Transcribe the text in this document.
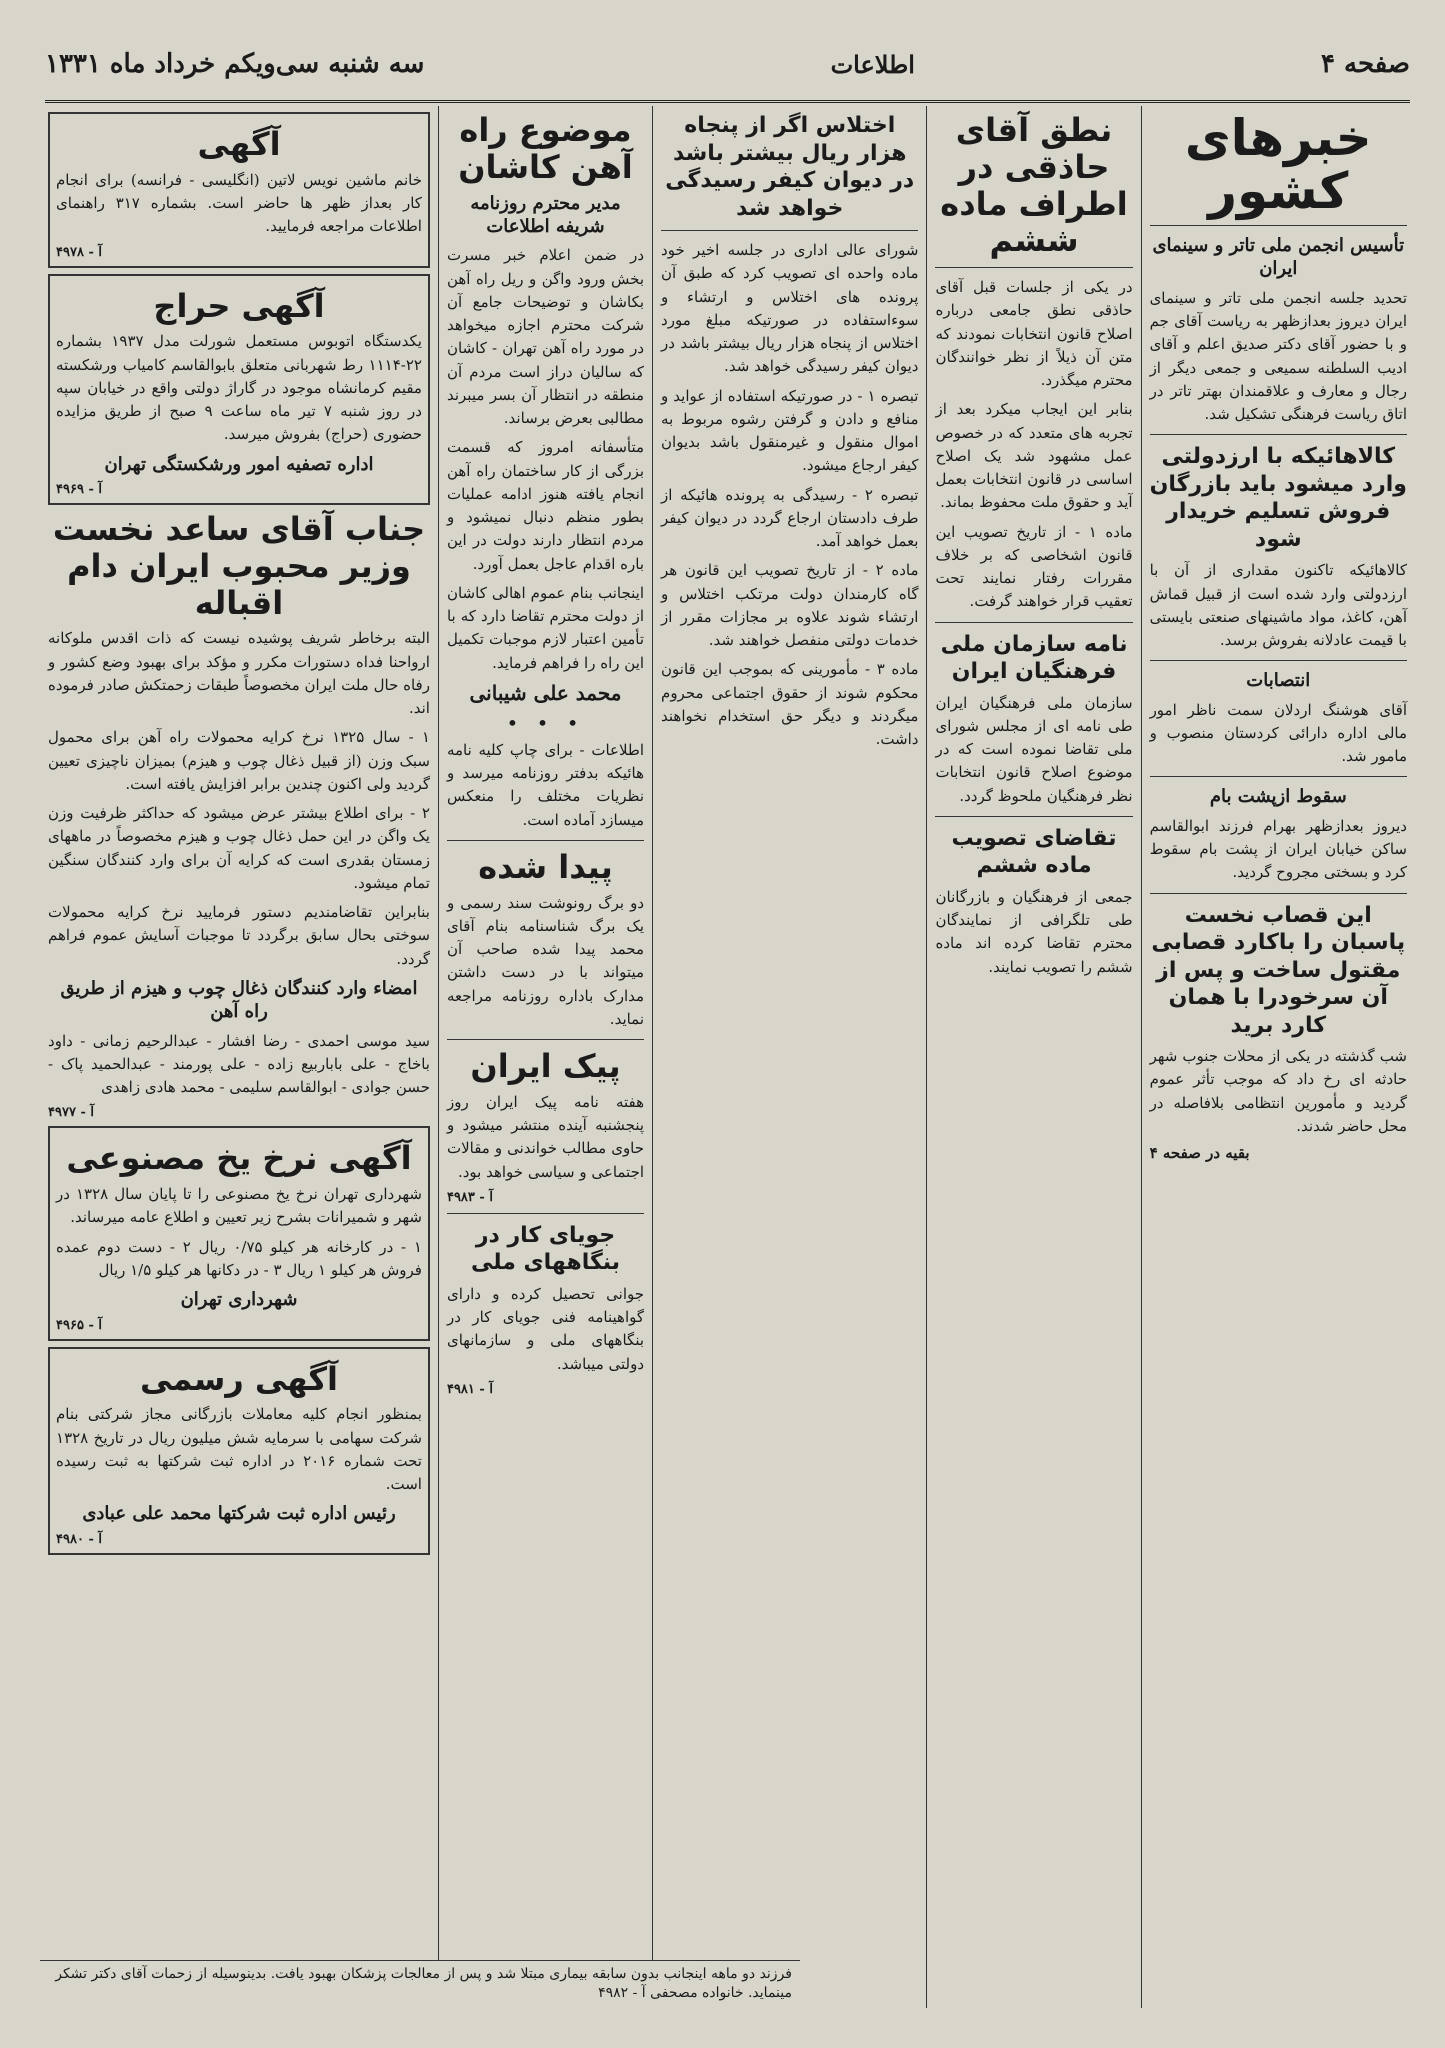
صفحه ۴
اطلاعات
سه شنبه سی‌ویکم خرداد ماه ۱۳۳۱
خبرهای کشور
تأسیس انجمن ملی تاتر و سینمای ایران

تحدید جلسه انجمن ملی تاتر و سینمای ایران دیروز بعدازظهر به ریاست آقای جم و با حضور آقای دکتر صدیق اعلم و آقای ادیب السلطنه سمیعی و جمعی دیگر از رجال و معارف و علاقمندان بهتر تاتر در اتاق ریاست فرهنگی تشکیل شد.

کالاهائیکه با ارزدولتی وارد میشود باید بازرگان فروش تسلیم خریدار شود

کالاهائیکه تاکنون مقداری از آن با ارزدولتی وارد شده است از قبیل قماش آهن، کاغذ، مواد ماشینهای صنعتی بایستی با قیمت عادلانه بفروش برسد.

انتصابات

آقای هوشنگ اردلان سمت ناظر امور مالی اداره دارائی کردستان منصوب و مامور شد.

سقوط ازپشت بام

دیروز بعدازظهر بهرام فرزند ابوالقاسم ساکن خیابان ایران از پشت بام سقوط کرد و بسختی مجروح گردید.

این قصاب نخست پاسبان را باکارد قصابی مقتول ساخت و پس از آن سرخودرا با همان کارد برید

شب گذشته در یکی از محلات جنوب شهر حادثه ای رخ داد که موجب تأثر عموم گردید و مأمورین انتظامی بلافاصله در محل حاضر شدند.

بقیه در صفحه ۴
نطق آقای حاذقی در اطراف ماده ششم

در یکی از جلسات قبل آقای حاذقی نطق جامعی درباره اصلاح قانون انتخابات نمودند که متن آن ذیلاً از نظر خوانندگان محترم میگذرد.

بنابر این ایجاب میکرد بعد از تجربه های متعدد که در خصوص عمل مشهود شد یک اصلاح اساسی در قانون انتخابات بعمل آید و حقوق ملت محفوظ بماند.

ماده ۱ - از تاریخ تصویب این قانون اشخاصی که بر خلاف مقررات رفتار نمایند تحت تعقیب قرار خواهند گرفت.

نامه سازمان ملی فرهنگیان ایران

سازمان ملی فرهنگیان ایران طی نامه ای از مجلس شورای ملی تقاضا نموده است که در موضوع اصلاح قانون انتخابات نظر فرهنگیان ملحوظ گردد.

تقاضای تصویب ماده ششم

جمعی از فرهنگیان و بازرگانان طی تلگرافی از نمایندگان محترم تقاضا کرده اند ماده ششم را تصویب نمایند.

اختلاس اگر از پنجاه هزار ریال بیشتر باشد در دیوان کیفر رسیدگی خواهد شد

شورای عالی اداری در جلسه اخیر خود ماده واحده ای تصویب کرد که طبق آن پرونده های اختلاس و ارتشاء و سوءاستفاده در صورتیکه مبلغ مورد اختلاس از پنجاه هزار ریال بیشتر باشد در دیوان کیفر رسیدگی خواهد شد.

تبصره ۱ - در صورتیکه استفاده از عواید و منافع و دادن و گرفتن رشوه مربوط به اموال منقول و غیرمنقول باشد بدیوان کیفر ارجاع میشود.

تبصره ۲ - رسیدگی به پرونده هائیکه از طرف دادستان ارجاع گردد در دیوان کیفر بعمل خواهد آمد.

ماده ۲ - از تاریخ تصویب این قانون هر گاه کارمندان دولت مرتکب اختلاس و ارتشاء شوند علاوه بر مجازات مقرر از خدمات دولتی منفصل خواهند شد.

ماده ۳ - مأمورینی که بموجب این قانون محکوم شوند از حقوق اجتماعی محروم میگردند و دیگر حق استخدام نخواهند داشت.

موضوع راه آهن کاشان
مدیر محترم روزنامه شریفه اطلاعات

در ضمن اعلام خبر مسرت بخش ورود واگن و ریل راه آهن بکاشان و توضیحات جامع آن شرکت محترم اجازه میخواهد در مورد راه آهن تهران - کاشان که سالیان دراز است مردم آن منطقه در انتظار آن بسر میبرند مطالبی بعرض برساند.

متأسفانه امروز که قسمت بزرگی از کار ساختمان راه آهن انجام یافته هنوز ادامه عملیات بطور منظم دنبال نمیشود و مردم انتظار دارند دولت در این باره اقدام عاجل بعمل آورد.

اینجانب بنام عموم اهالی کاشان از دولت محترم تقاضا دارد که با تأمین اعتبار لازم موجبات تکمیل این راه را فراهم فرماید.

محمد علی شیبانی
• • •

اطلاعات - برای چاپ کلیه نامه هائیکه بدفتر روزنامه میرسد و نظریات مختلف را منعکس میسازد آماده است.

پیدا شده

دو برگ رونوشت سند رسمی و یک برگ شناسنامه بنام آقای محمد پیدا شده صاحب آن میتواند با در دست داشتن مدارک باداره روزنامه مراجعه نماید.

پیک ایران

هفته نامه پیک ایران روز پنجشنبه آینده منتشر میشود و حاوی مطالب خواندنی و مقالات اجتماعی و سیاسی خواهد بود.

آ - ۴۹۸۳
جویای کار در بنگاههای ملی

جوانی تحصیل کرده و دارای گواهینامه فنی جویای کار در بنگاههای ملی و سازمانهای دولتی میباشد.

آ - ۴۹۸۱
آگهی

خانم ماشین نویس لاتین (انگلیسی - فرانسه) برای انجام کار بعداز ظهر ها حاضر است. بشماره ۳۱۷ راهنمای اطلاعات مراجعه فرمایید.

آ - ۴۹۷۸
آگهی حراج

یکدستگاه اتوبوس مستعمل شورلت مدل ۱۹۳۷ بشماره ۲۲-۱۱۱۴ رط شهربانی متعلق بابوالقاسم کامیاب ورشکسته مقیم کرمانشاه موجود در گاراژ دولتی واقع در خیابان سپه در روز شنبه ۷ تیر ماه ساعت ۹ صبح از طریق مزایده حضوری (حراج) بفروش میرسد.

اداره تصفیه امور ورشکستگی تهران
آ - ۴۹۶۹
جناب آقای ساعد نخست وزیر محبوب ایران دام اقباله

البته برخاطر شریف پوشیده نیست که ذات اقدس ملوکانه ارواحنا فداه دستورات مکرر و مؤکد برای بهبود وضع کشور و رفاه حال ملت ایران مخصوصاً طبقات زحمتکش صادر فرموده اند.

۱ - سال ۱۳۲۵ نرخ کرایه محمولات راه آهن برای محمول سبک وزن (از قبیل ذغال چوب و هیزم) بمیزان ناچیزی تعیین گردید ولی اکنون چندین برابر افزایش یافته است.

۲ - برای اطلاع بیشتر عرض میشود که حداکثر ظرفیت وزن یک واگن در این حمل ذغال چوب و هیزم مخصوصاً در ماههای زمستان بقدری است که کرایه آن برای وارد کنندگان سنگین تمام میشود.

بنابراین تقاضامندیم دستور فرمایید نرخ کرایه محمولات سوختی بحال سابق برگردد تا موجبات آسایش عموم فراهم گردد.

امضاء وارد کنندگان ذغال چوب و هیزم از طریق راه آهن

سید موسی احمدی - رضا افشار - عبدالرحیم زمانی - داود باخاج - علی باباربیع زاده - علی پورمند - عبدالحمید پاک - حسن جوادی - ابوالقاسم سلیمی - محمد هادی زاهدی

آ - ۴۹۷۷
آگهی نرخ یخ مصنوعی

شهرداری تهران نرخ یخ مصنوعی را تا پایان سال ۱۳۲۸ در شهر و شمیرانات بشرح زیر تعیین و اطلاع عامه میرساند.

۱ - در کارخانه هر کیلو ۰/۷۵ ریال ۲ - دست دوم عمده فروش هر کیلو ۱ ریال ۳ - در دکانها هر کیلو ۱/۵ ریال

شهرداری تهران
آ - ۴۹۶۵
آگهی رسمی

بمنظور انجام کلیه معاملات بازرگانی مجاز شرکتی بنام شرکت سهامی با سرمایه شش میلیون ریال در تاریخ ۱۳۲۸ تحت شماره ۲۰۱۶ در اداره ثبت شرکتها به ثبت رسیده است.

رئیس اداره ثبت شرکتها محمد علی عبادی
آ - ۴۹۸۰
فرزند دو ماهه اینجانب بدون سابقه بیماری مبتلا شد و پس از معالجات پزشکان بهبود یافت. بدینوسیله از زحمات آقای دکتر تشکر مینماید. خانواده مصحفی آ - ۴۹۸۲
